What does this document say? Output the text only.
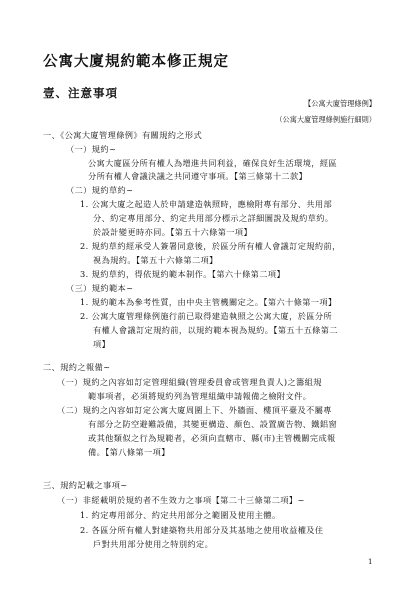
公寓大廈規約範本修正規定
壹、注意事項
【公寓大廈管理條例】
（公寓大廈管理條例施行細則）
一、《公寓大廈管理條例》有關規約之形式
（一）規約~
公寓大廈區分所有權人為增進共同利益，確保良好生活環境，經區
分所有權人會議決議之共同遵守事項。【第三條第十二款】
（二）規約草約~
1. 公寓大廈之起造人於申請建造執照時，應檢附專有部分、共用部
分、約定專用部分、約定共用部分標示之詳細圖說及規約草約。
於設計變更時亦同。【第五十六條第一項】
2. 規約草約經承受人簽署同意後，於區分所有權人會議訂定規約前，
視為規約。【第五十六條第二項】
3. 規約草約，得依規約範本制作。【第六十條第二項】
（三）規約範本~
1. 規約範本為參考性質，由中央主管機關定之。【第六十條第一項】
2. 公寓大廈管理條例施行前已取得建造執照之公寓大廈，於區分所
有權人會議訂定規約前，以規約範本視為規約。【第五十五條第二
項】
二、規約之報備~
（一）規約之內容如訂定管理組織(管理委員會或管理負責人)之籌組規
範事項者，必須將規約列為管理組織申請報備之檢附文件。
（二）規約之內容如訂定公寓大廈周圍上下、外牆面、樓頂平臺及不屬專
有部分之防空避難設備，其變更構造、顏色、設置廣告物、鐵鋁窗
或其他類似之行為規範者，必須向直轄市、縣(市)主管機關完成報
備。【第八條第一項】
三、規約記載之事項~
（一）非經載明於規約者不生效力之事項【第二十三條第二項】~
1. 約定專用部分、約定共用部分之範圍及使用主體。
2. 各區分所有權人對建築物共用部分及其基地之使用收益權及住
戶對共用部分使用之特別約定。
1
